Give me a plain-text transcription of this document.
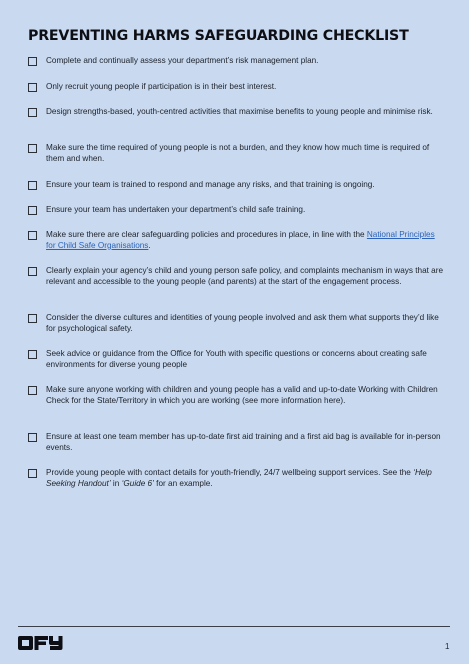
PREVENTING HARMS SAFEGUARDING CHECKLIST
Complete and continually assess your department’s risk management plan.
Only recruit young people if participation is in their best interest.
Design strengths-based, youth-centred activities that maximise benefits to young people and minimise risk.
Make sure the time required of young people is not a burden, and they know how much time is required of them and when.
Ensure your team is trained to respond and manage any risks, and that training is ongoing.
Ensure your team has undertaken your department’s child safe training.
Make sure there are clear safeguarding policies and procedures in place, in line with the National Principles for Child Safe Organisations.
Clearly explain your agency’s child and young person safe policy, and complaints mechanism in ways that are relevant and accessible to the young people (and parents) at the start of the engagement process.
Consider the diverse cultures and identities of young people involved and ask them what supports they’d like for psychological safety.
Seek advice or guidance from the Office for Youth with specific questions or concerns about creating safe environments for diverse young people
Make sure anyone working with children and young people has a valid and up-to-date Working with Children Check for the State/Territory in which you are working (see more information here).
Ensure at least one team member has up-to-date first aid training and a first aid bag is available for in-person events.
Provide young people with contact details for youth-friendly, 24/7 wellbeing support services. See the ‘Help Seeking Handout’ in ‘Guide 6’ for an example.
1
